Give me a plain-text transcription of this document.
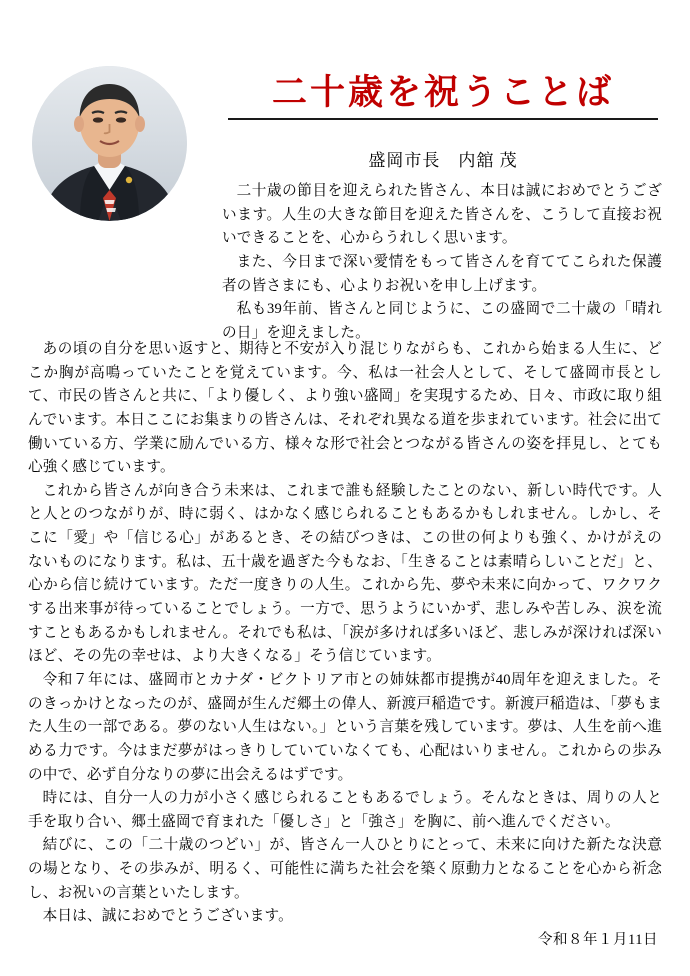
二十歳を祝うことば
盛岡市長　内舘 茂

二十歳の節目を迎えられた皆さん、本日は誠におめでとうございます。人生の大きな節目を迎えた皆さんを、こうして直接お祝いできることを、心からうれしく思います。

また、今日まで深い愛情をもって皆さんを育ててこられた保護者の皆さまにも、心よりお祝いを申し上げます。

私も39年前、皆さんと同じように、この盛岡で二十歳の「晴れの日」を迎えました。

あの頃の自分を思い返すと、期待と不安が入り混じりながらも、これから始まる人生に、どこか胸が高鳴っていたことを覚えています。今、私は一社会人として、そして盛岡市長として、市民の皆さんと共に、「より優しく、より強い盛岡」を実現するため、日々、市政に取り組んでいます。本日ここにお集まりの皆さんは、それぞれ異なる道を歩まれています。社会に出て働いている方、学業に励んでいる方、様々な形で社会とつながる皆さんの姿を拝見し、とても心強く感じています。

これから皆さんが向き合う未来は、これまで誰も経験したことのない、新しい時代です。人と人とのつながりが、時に弱く、はかなく感じられることもあるかもしれません。しかし、そこに「愛」や「信じる心」があるとき、その結びつきは、この世の何よりも強く、かけがえのないものになります。私は、五十歳を過ぎた今もなお、「生きることは素晴らしいことだ」と、心から信じ続けています。ただ一度きりの人生。これから先、夢や未来に向かって、ワクワクする出来事が待っていることでしょう。一方で、思うようにいかず、悲しみや苦しみ、涙を流すこともあるかもしれません。それでも私は、「涙が多ければ多いほど、悲しみが深ければ深いほど、その先の幸せは、より大きくなる」そう信じています。

令和７年には、盛岡市とカナダ・ビクトリア市との姉妹都市提携が40周年を迎えました。そのきっかけとなったのが、盛岡が生んだ郷土の偉人、新渡戸稲造です。新渡戸稲造は、「夢もまた人生の一部である。夢のない人生はない。」という言葉を残しています。夢は、人生を前へ進める力です。今はまだ夢がはっきりしていていなくても、心配はいりません。これからの歩みの中で、必ず自分なりの夢に出会えるはずです。

時には、自分一人の力が小さく感じられることもあるでしょう。そんなときは、周りの人と手を取り合い、郷土盛岡で育まれた「優しさ」と「強さ」を胸に、前へ進んでください。

結びに、この「二十歳のつどい」が、皆さん一人ひとりにとって、未来に向けた新たな決意の場となり、その歩みが、明るく、可能性に満ちた社会を築く原動力となることを心から祈念し、お祝いの言葉といたします。

本日は、誠におめでとうございます。

令和８年１月11日
